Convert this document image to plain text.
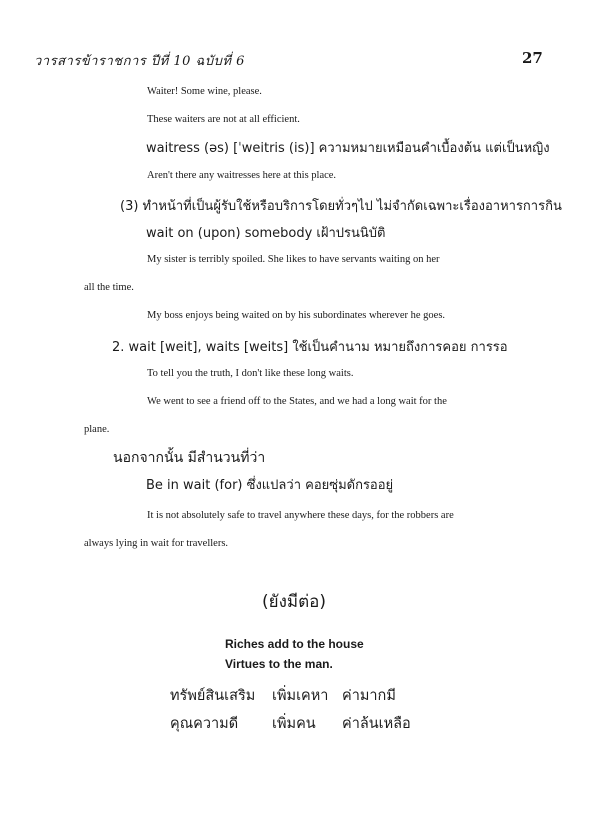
วารสารข้าราชการ ปีที่ 10 ฉบับที่ 6	27
Waiter! Some wine, please.
These waiters are not at all efficient.
waitress (əs) [ˈweitris (is)] ความหมายเหมือนคำเบื้องต้น แต่เป็นหญิง
Aren't there any waitresses here at this place.
(3) ทำหน้าที่เป็นผู้รับใช้หรือบริการโดยทั่วๆไป ไม่จำกัดเฉพาะเรื่องอาหารการกิน
wait on (upon) somebody เฝ้าปรนนิบัติ
My sister is terribly spoiled. She likes to have servants waiting on her
all the time.
My boss enjoys being waited on by his subordinates wherever he goes.
2. wait [weit], waits [weits] ใช้เป็นคำนาม หมายถึงการคอย การรอ
To tell you the truth, I don't like these long waits.
We went to see a friend off to the States, and we had a long wait for the
plane.
นอกจากนั้น มีสำนวนที่ว่า
Be in wait (for) ซึ่งแปลว่า คอยซุ่มดักรออยู่
It is not absolutely safe to travel anywhere these days, for the robbers are
always lying in wait for travellers.
(ยังมีต่อ)
Riches add to the house
Virtues to the man.
ทรัพย์สินเสริม เพิ่มเคหา ค่ามากมี
คุณความดี เพิ่มคน ค่าล้นเหลือ
